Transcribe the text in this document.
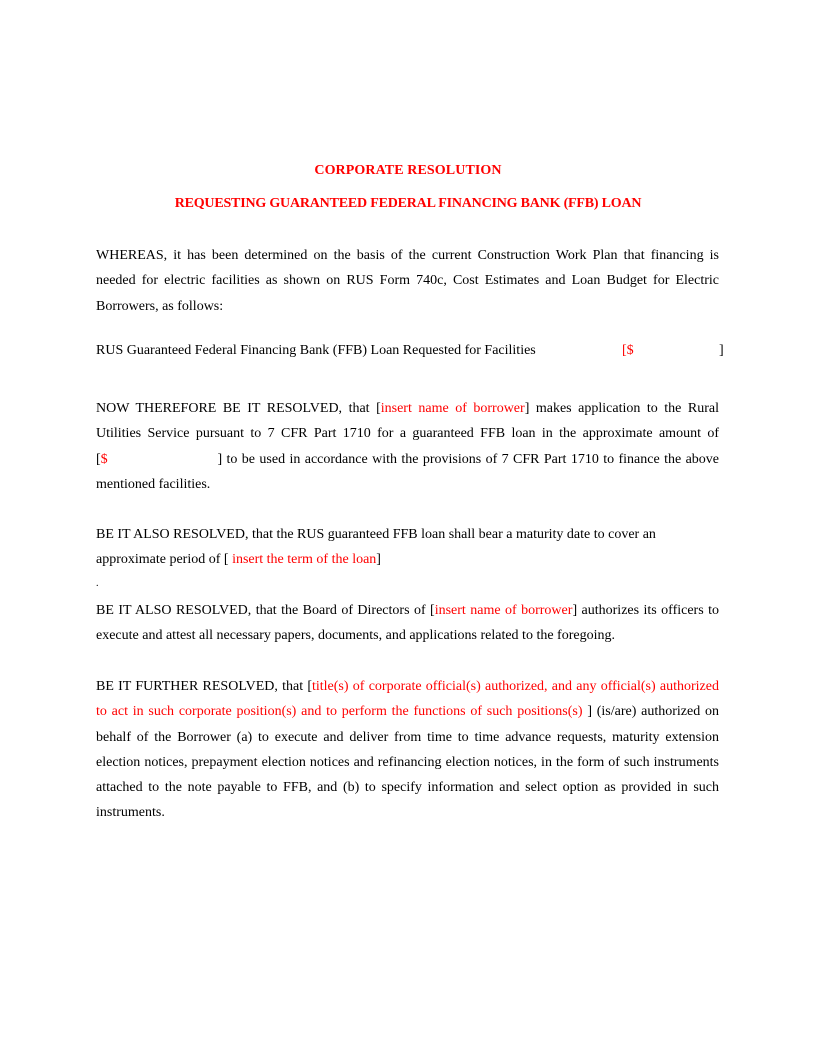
CORPORATE RESOLUTION
REQUESTING GUARANTEED FEDERAL FINANCING BANK (FFB) LOAN
WHEREAS, it has been determined on the basis of the current Construction Work Plan that financing is needed for electric facilities as shown on RUS Form 740c, Cost Estimates and Loan Budget for Electric Borrowers, as follows:
RUS Guaranteed Federal Financing Bank (FFB) Loan Requested for Facilities	[$	]
NOW THEREFORE BE IT RESOLVED, that [insert name of borrower] makes application to the Rural Utilities Service pursuant to 7 CFR Part 1710 for a guaranteed FFB loan in the approximate amount of [$	] to be used in accordance with the provisions of 7 CFR Part 1710 to finance the above mentioned facilities.
BE IT ALSO RESOLVED, that the RUS guaranteed FFB loan shall bear a maturity date to cover an approximate period of [ insert the term of the loan]
.
BE IT ALSO RESOLVED, that the Board of Directors of [insert name of borrower] authorizes its officers to execute and attest all necessary papers, documents, and applications related to the foregoing.
BE IT FURTHER RESOLVED, that [title(s) of corporate official(s) authorized, and any official(s) authorized to act in such corporate position(s) and to perform the functions of such positions(s) ] (is/are) authorized on behalf of the Borrower (a) to execute and deliver from time to time advance requests, maturity extension election notices, prepayment election notices and refinancing election notices, in the form of such instruments attached to the note payable to FFB, and (b) to specify information and select option as provided in such instruments.
